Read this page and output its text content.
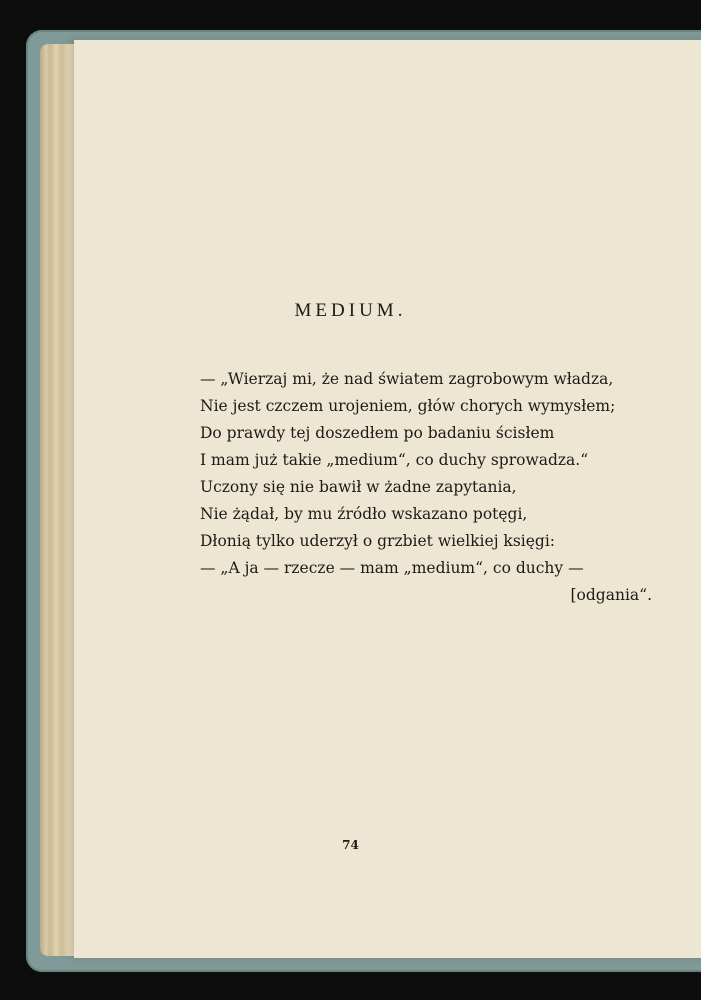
MEDIUM.
— „Wierzaj mi, że nad światem zagrobowym władza,
Nie jest czczem urojeniem, głów chorych wymysłem;
Do prawdy tej doszedłem po badaniu ścisłem
I mam już takie „medium“, co duchy sprowadza.“
Uczony się nie bawił w żadne zapytania,
Nie żądał, by mu źródło wskazano potęgi,
Dłonią tylko uderzył o grzbiet wielkiej księgi:
— „A ja — rzecze — mam „medium“, co duchy —
[odgania“.

74
